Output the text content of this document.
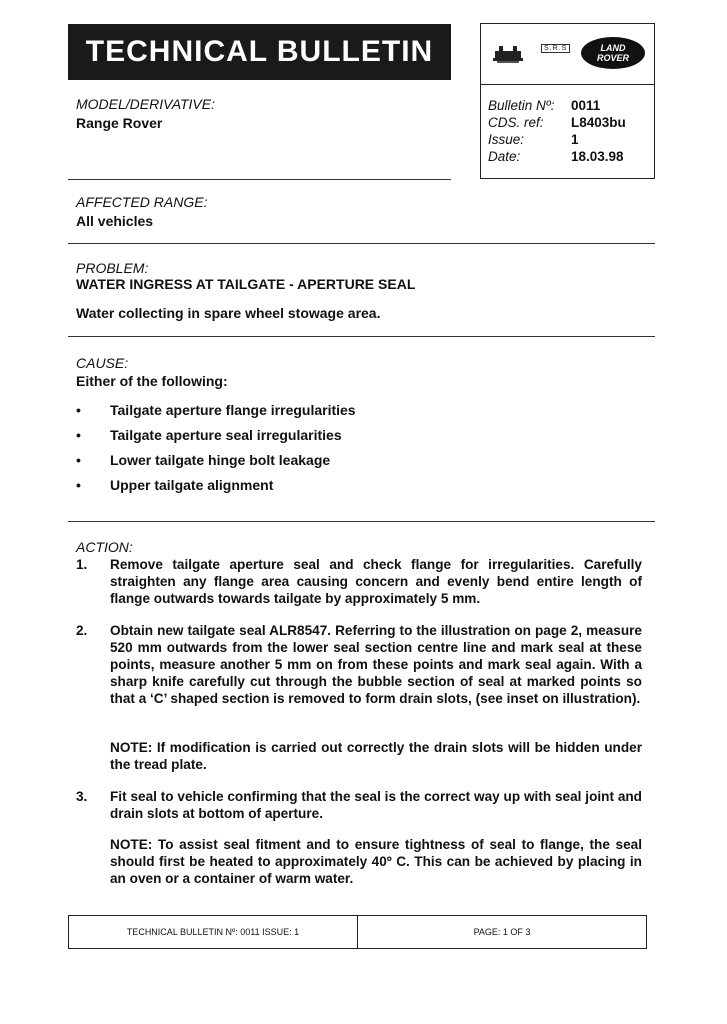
TECHNICAL BULLETIN	S.R.S	LAND
ROVER
Bulletin Nº:	0011
CDS. ref:	L8403bu
Issue:	1
Date:	18.03.98
MODEL/DERIVATIVE:
Range Rover
AFFECTED RANGE:
All vehicles
PROBLEM:
WATER INGRESS AT TAILGATE - APERTURE SEAL
Water collecting in spare wheel stowage area.
CAUSE:
Either of the following:
•	Tailgate aperture flange irregularities
•	Tailgate aperture seal irregularities
•	Lower tailgate hinge bolt leakage
•	Upper tailgate alignment
ACTION:
1.	Remove tailgate aperture seal and check flange for irregularities. Carefully straighten any flange area causing concern and evenly bend entire length of flange outwards towards tailgate by approximately 5 mm.
2.	Obtain new tailgate seal ALR8547. Referring to the illustration on page 2, measure 520 mm outwards from the lower seal section centre line and mark seal at these points, measure another 5 mm on from these points and mark seal again. With a sharp knife carefully cut through the bubble section of seal at marked points so that a ‘C’ shaped section is removed to form drain slots, (see inset on illustration).
NOTE: If modification is carried out correctly the drain slots will be hidden under the tread plate.
3.	Fit seal to vehicle confirming that the seal is the correct way up with seal joint and drain slots at bottom of aperture.
NOTE: To assist seal fitment and to ensure tightness of seal to flange, the seal should first be heated to approximately 40º C. This can be achieved by placing in an oven or a container of warm water.
TECHNICAL BULLETIN Nº: 0011 ISSUE: 1	PAGE: 1 OF 3
